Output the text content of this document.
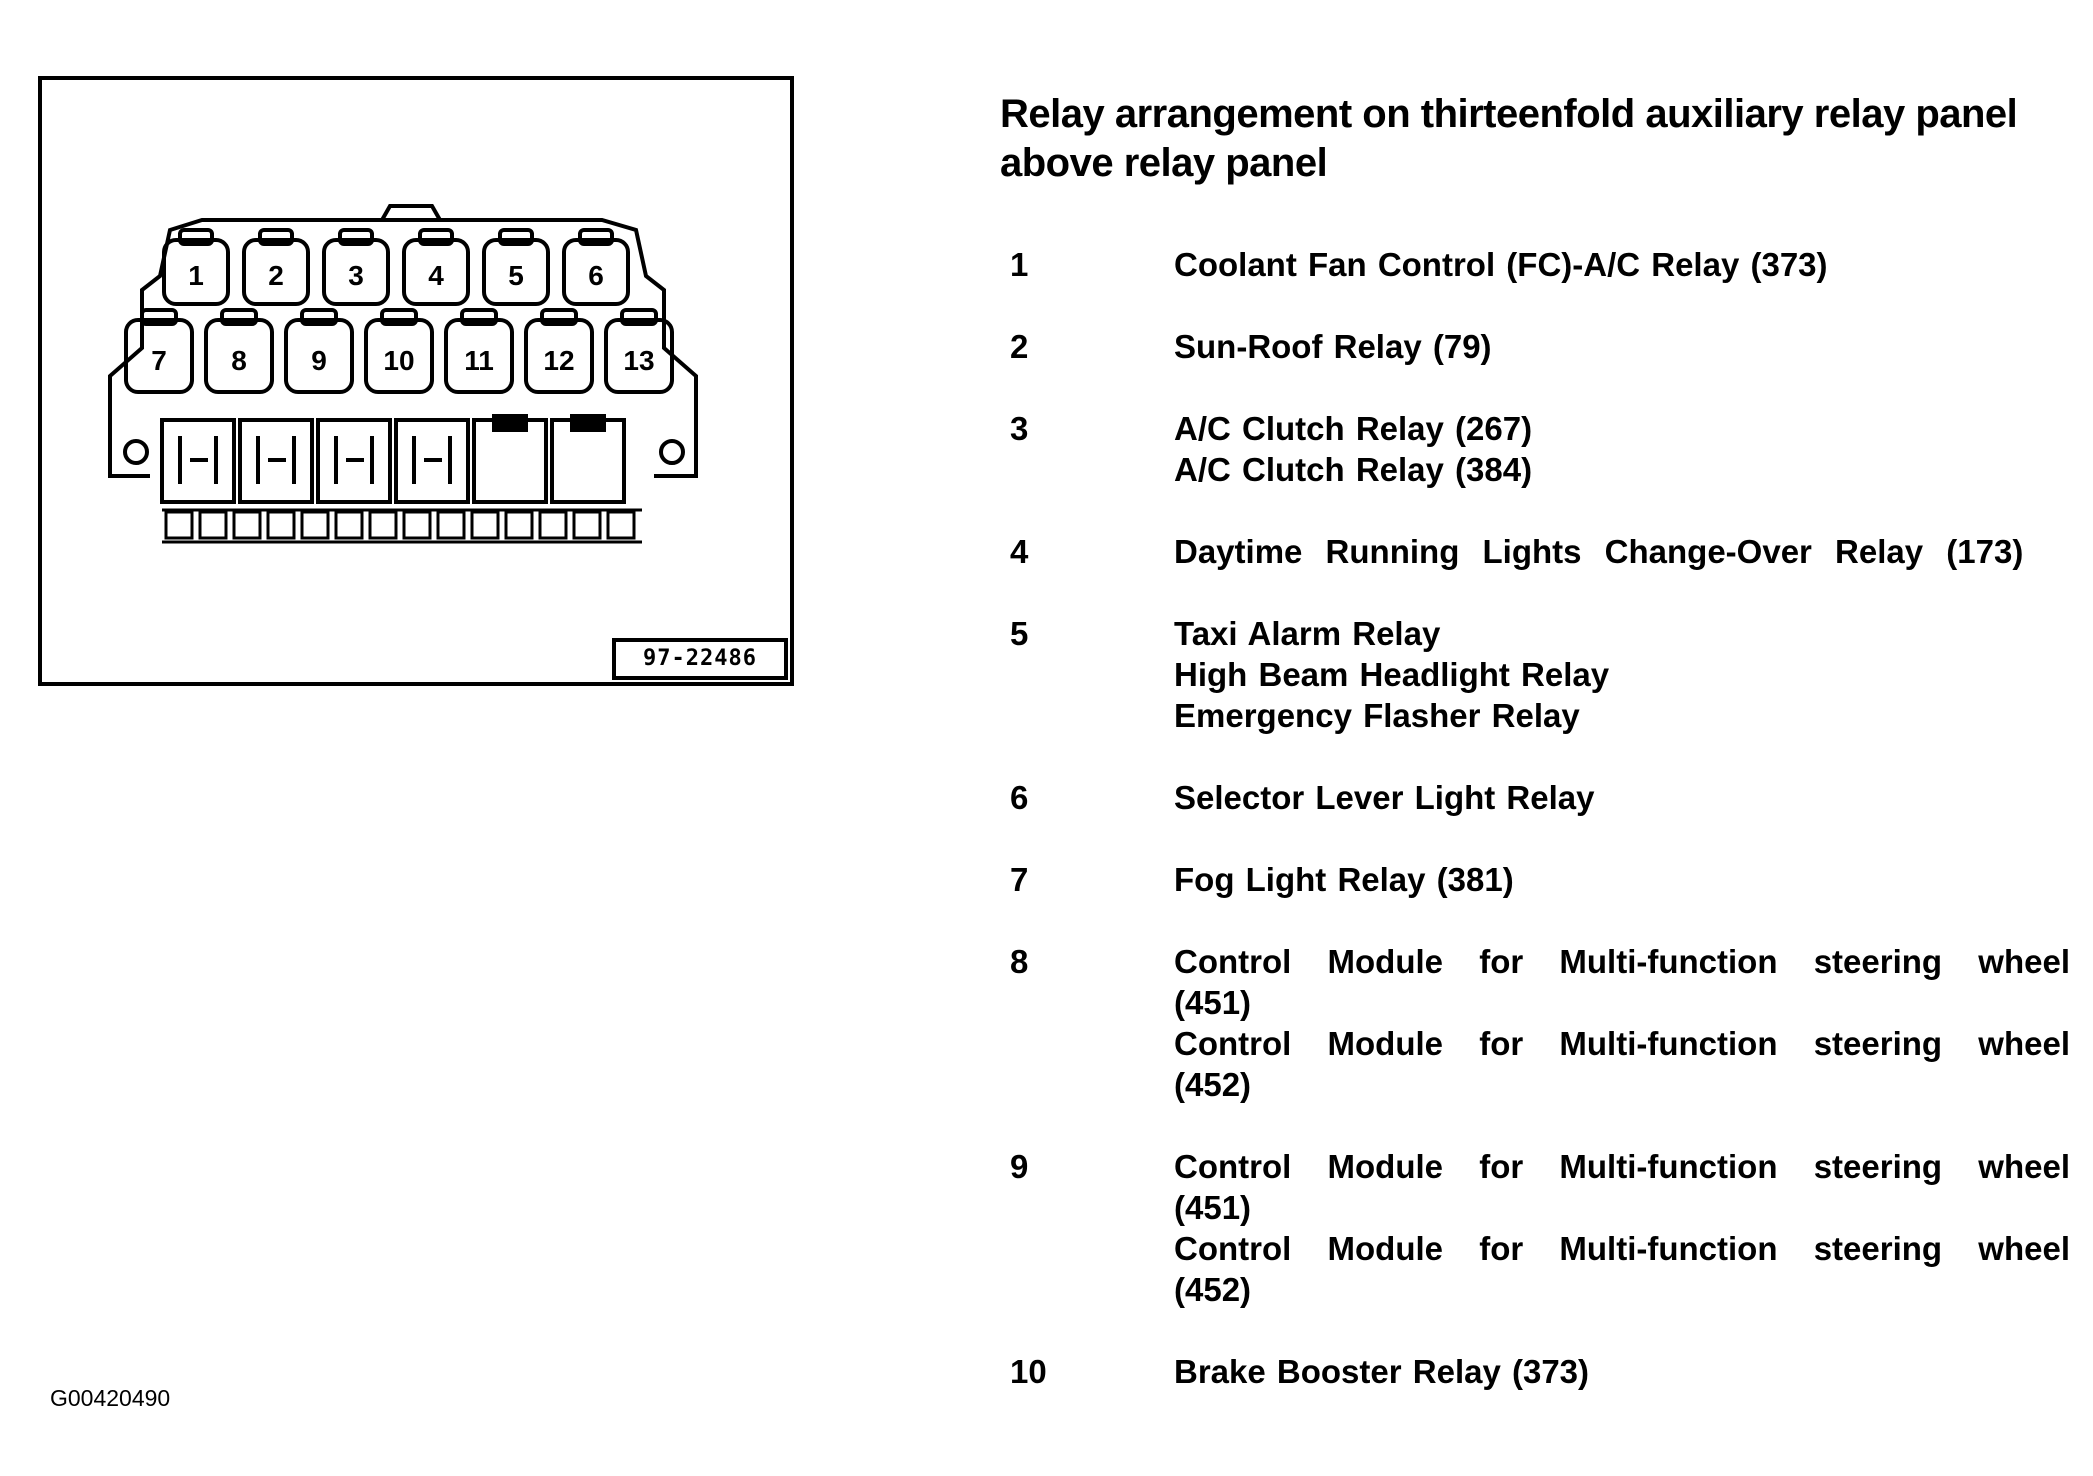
1 2 3 4 5 6
7 8 9 10 11 12 13
97-22486
Relay arrangement on thirteenfold auxiliary relay panel above relay panel
1	Coolant Fan Control (FC)-A/C Relay (373)
2	Sun-Roof Relay (79)
3	A/C Clutch Relay (267)
A/C Clutch Relay (384)
4	Daytime Running Lights Change-Over Relay (173)
5	Taxi Alarm Relay
High Beam Headlight Relay
Emergency Flasher Relay
6	Selector Lever Light Relay
7	Fog Light Relay (381)
8	Control Module for Multi-function steering wheel (451)
Control Module for Multi-function steering wheel (452)
9	Control Module for Multi-function steering wheel (451)
Control Module for Multi-function steering wheel (452)
10	Brake Booster Relay (373)
G00420490
